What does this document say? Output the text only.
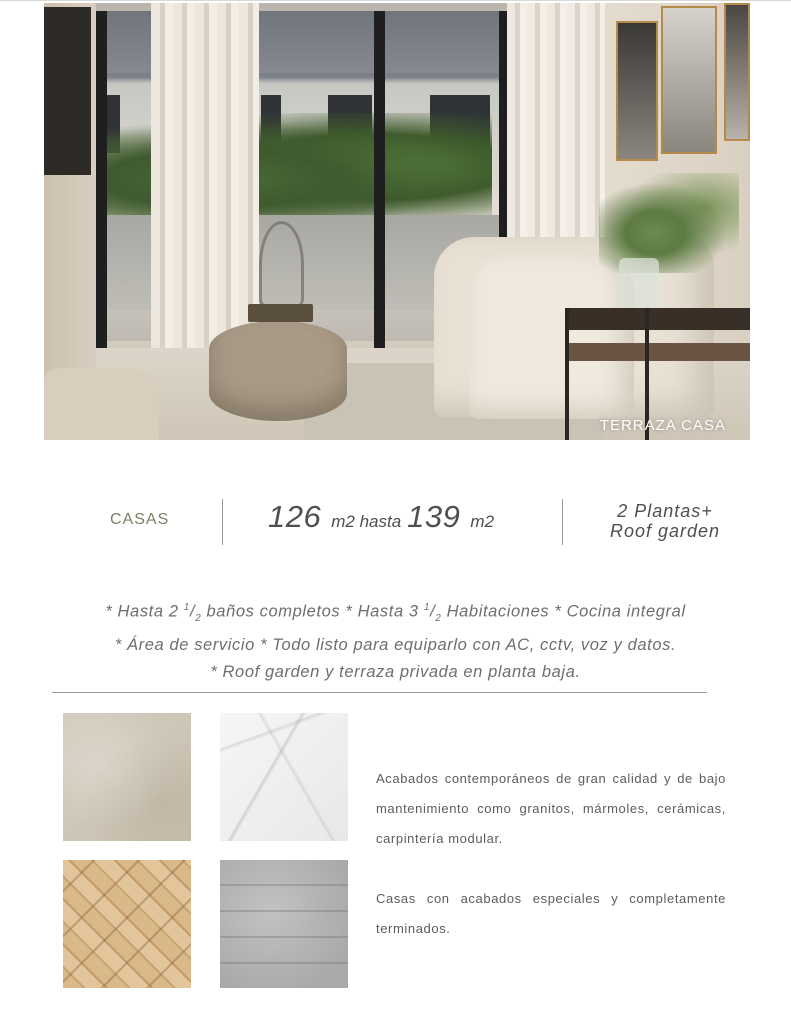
TERRAZA CASA
CASAS	126 m2 hasta 139 m2
2 Plantas+
Roof garden
* Hasta 2 $^1/_2$ baños completos * Hasta 3 $^1/_2$ Habitaciones * Cocina integral
* Área de servicio * Todo listo para equiparlo con AC, cctv, voz y datos.
* Roof garden y terraza privada en planta baja.
Acabados contemporáneos de gran calidad y de bajo mantenimiento como granitos, mármoles, cerámicas, carpintería modular.
Casas con acabados especiales y completamente terminados.
